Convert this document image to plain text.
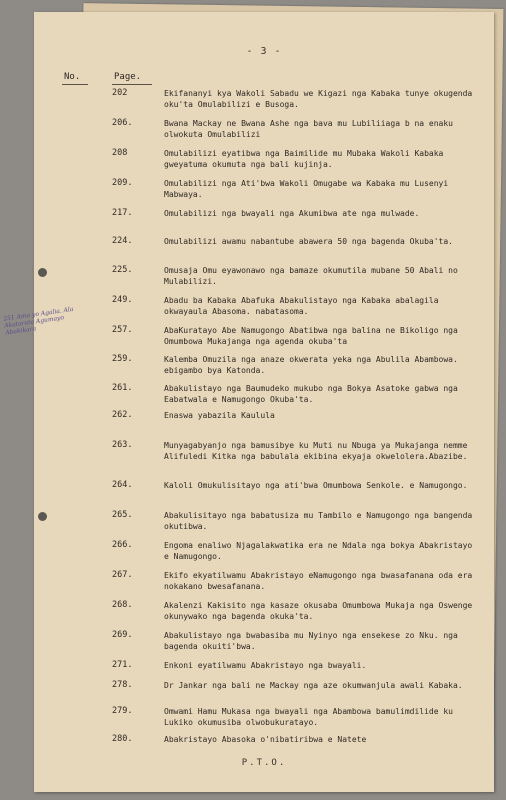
- 3 -
No.	Page.
202	Ekifananyi kya Wakoli Sabadu we Kigazi nga Kabaka tunye okugenda oku'ta Omulabilizi e Busoga.
206.	Bwana Mackay ne Bwana Ashe nga bava mu Lubiliiaga b na enaku olwokuta Omulabilizi
208	Omulabilizi eyatibwa nga Baimilide mu Mubaka Wakoli Kabaka gweyatuma okumuta nga bali kujinja.
209.	Omulabilizi nga Ati'bwa Wakoli Omugabe wa Kabaka mu Lusenyi Mabwaya.
217.	Omulabilizi nga bwayali nga Akumibwa ate nga mulwade.
224.	Omulabilizi awamu nabantube abawera 50 nga bagenda Okuba'ta.
225.	Omusaja Omu eyawonawo nga bamaze okumutila mubane 50 Abali no Mulabilizi.
249.	Abadu ba Kabaka Abafuka Abakulistayo nga Kabaka abalagila okwayaula Abasoma. nabatasoma.
257.	AbaKuratayo Abe Namugongo Abatibwa nga balina ne Bikoligo nga Omumbowa Mukajanga nga agenda okuba'ta
259.	Kalemba Omuzila nga anaze okwerata yeka nga Abulila Abambowa. ebigambo bya Katonda.
261.	Abakulistayo nga Baumudeko mukubo nga Bokya Asatoke gabwa nga Eabatwala e Namugongo Okuba'ta.
262.	Enaswa yabazila Kaulula
263.	Munyagabyanjo nga bamusibye ku Muti nu Nbuga ya Mukajanga nemme Alifuledi Kitka nga babulala ekibina ekyaja okwelolera.Abazibe.
264.	Kaloli Omukulisitayo nga ati'bwa Omumbowa Senkole. e Namugongo.
265.	Abakulisitayo nga babatusiza mu Tambilo e Namugongo nga bangenda okutibwa.
266.	Engoma enaliwo Njagalakwatika era ne Ndala nga bokya Abakristayo e Namugongo.
267.	Ekifo ekyatilwamu Abakristayo eNamugongo nga bwasafanana oda era nokakano bwesafanana.
268.	Akalenzi Kakisito nga kasaze okusaba Omumbowa Mukaja nga Oswenge okunywako nga bagenda okuka'ta.
269.	Abakulistayo nga bwabasiba mu Nyinyo nga ensekese zo Nku. nga bagenda okuiti'bwa.
271.	Enkoni eyatilwamu Abakristayo nga bwayali.
278.	Dr Jankar nga bali ne Mackay nga aze okumwanjula awali Kabaka.
279.	Omwami Hamu Mukasa nga bwayali nga Abambowa bamulimdilide ku Lukiko okumusiba olwobukuratayo.
280.	Abakristayo Abasoka o'nibatiribwa e Natete
P.T.O.
251 Ama yo Agalia. Ala Akatarata Agumayo Abakikara
